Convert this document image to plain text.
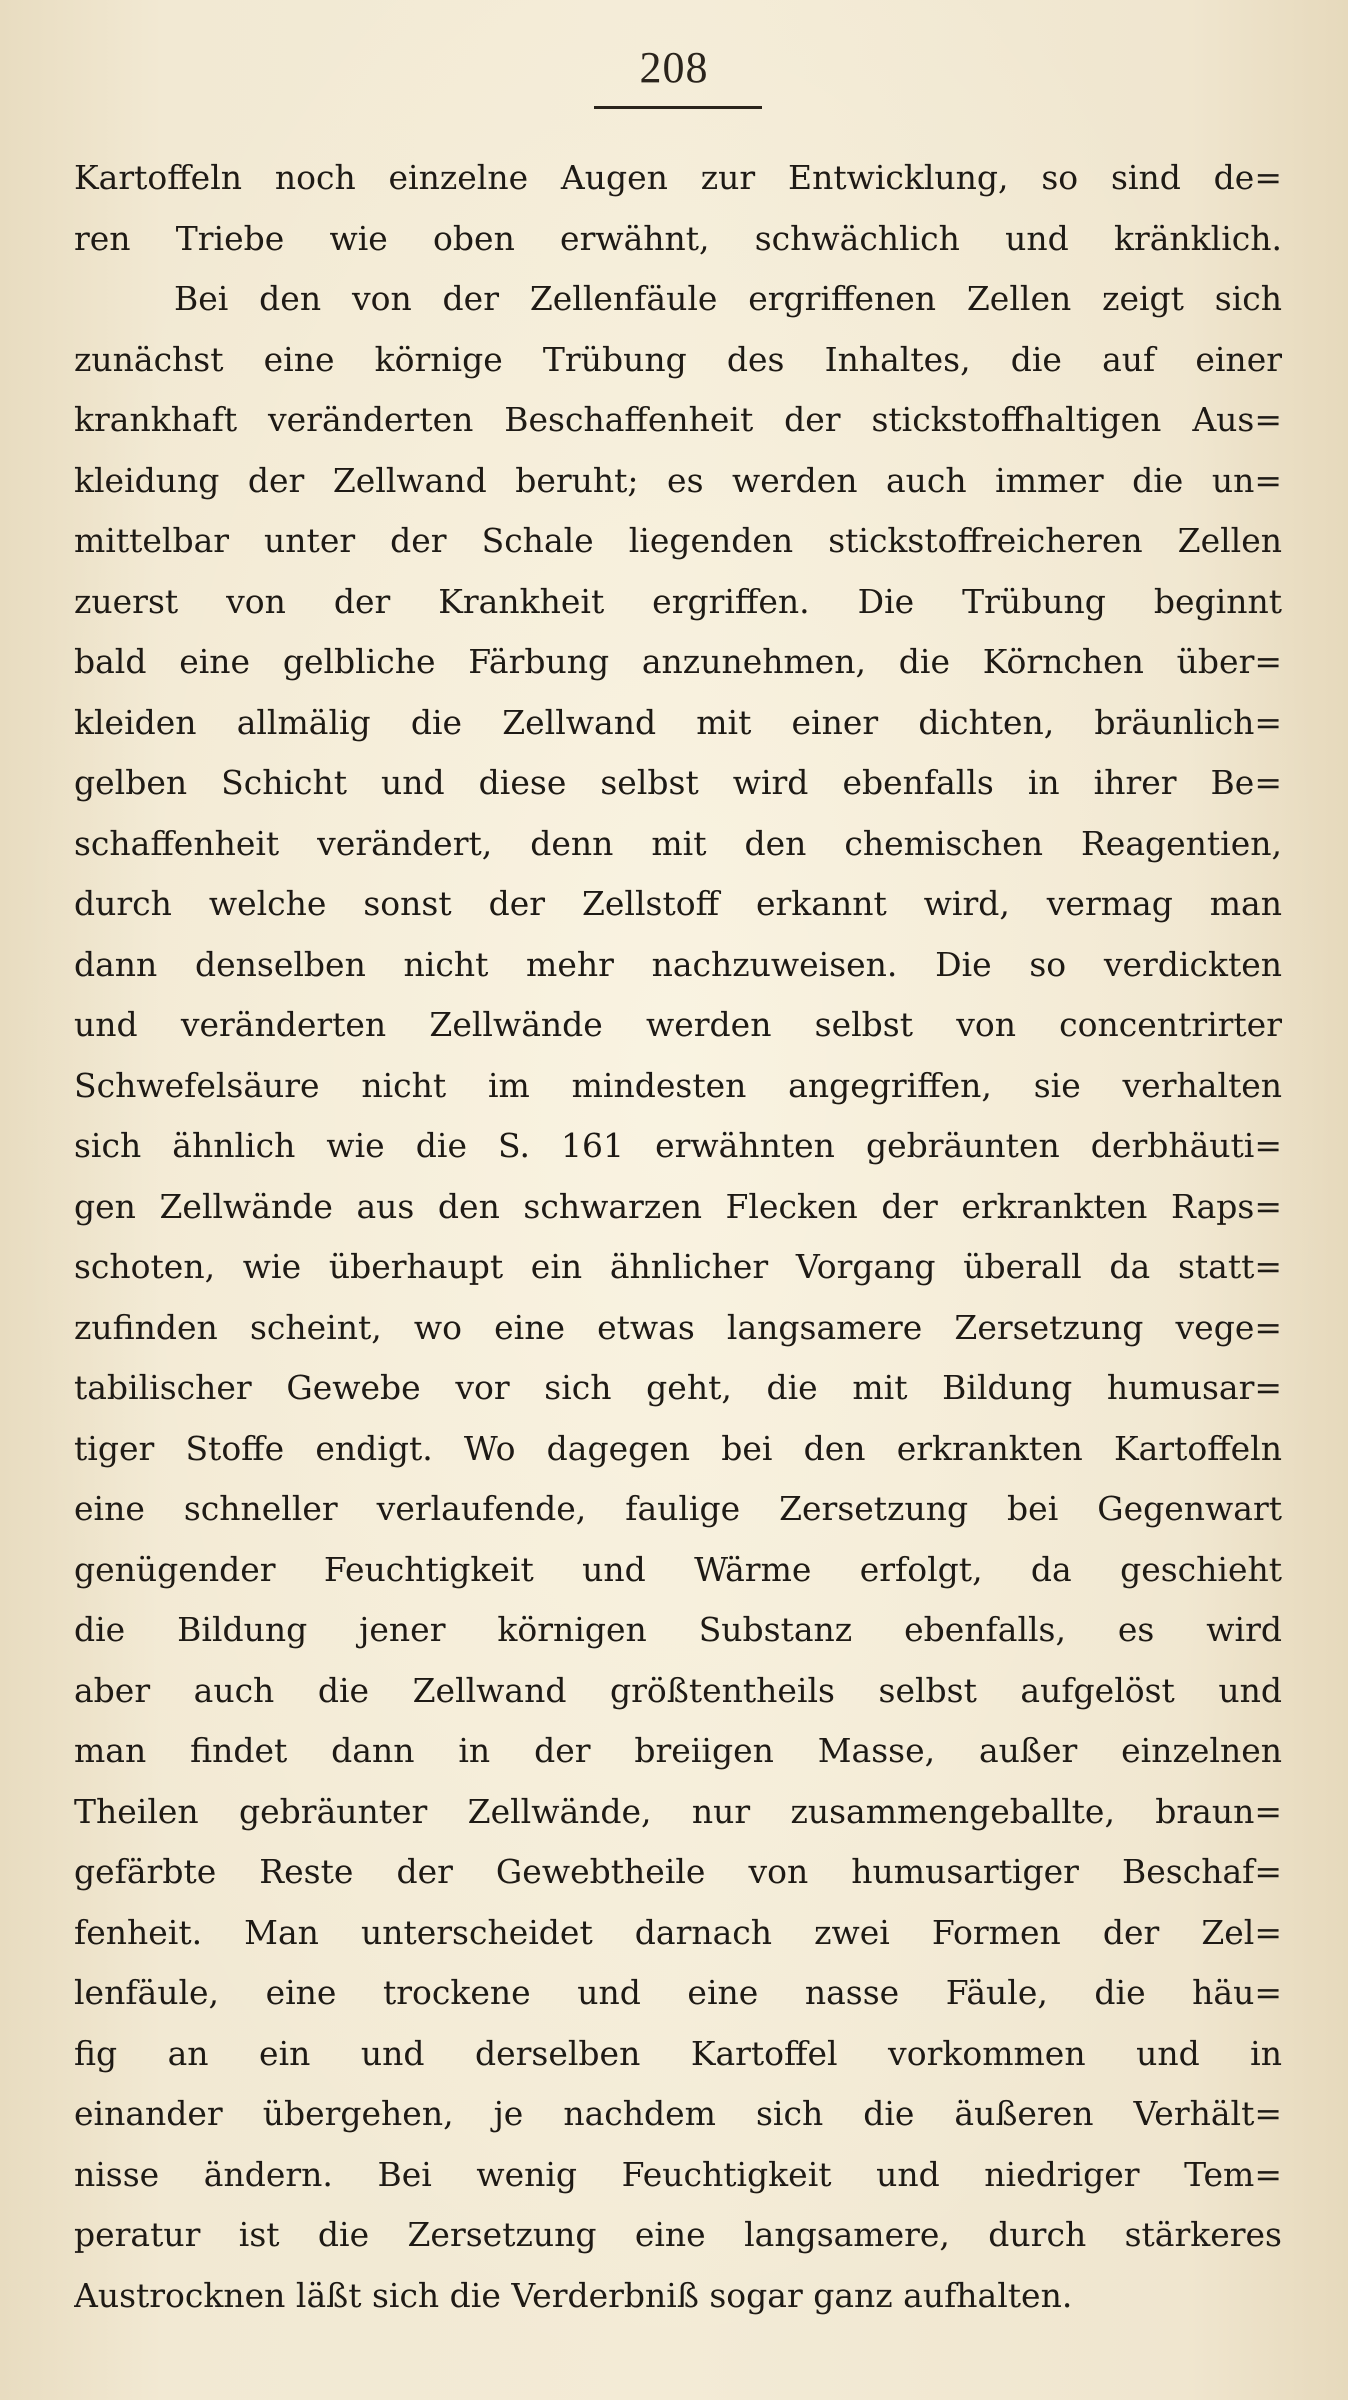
208
Kartoffeln noch einzelne Augen zur Entwicklung, so sind de=
ren Triebe wie oben erwähnt, schwächlich und kränklich.
Bei den von der Zellenfäule ergriffenen Zellen zeigt sich
zunächst eine körnige Trübung des Inhaltes, die auf einer
krankhaft veränderten Beschaffenheit der stickstoffhaltigen Aus=
kleidung der Zellwand beruht; es werden auch immer die un=
mittelbar unter der Schale liegenden stickstoffreicheren Zellen
zuerst von der Krankheit ergriffen. Die Trübung beginnt
bald eine gelbliche Färbung anzunehmen, die Körnchen über=
kleiden allmälig die Zellwand mit einer dichten, bräunlich=
gelben Schicht und diese selbst wird ebenfalls in ihrer Be=
schaffenheit verändert, denn mit den chemischen Reagentien,
durch welche sonst der Zellstoff erkannt wird, vermag man
dann denselben nicht mehr nachzuweisen. Die so verdickten
und veränderten Zellwände werden selbst von concentrirter
Schwefelsäure nicht im mindesten angegriffen, sie verhalten
sich ähnlich wie die S. 161 erwähnten gebräunten derbhäuti=
gen Zellwände aus den schwarzen Flecken der erkrankten Raps=
schoten, wie überhaupt ein ähnlicher Vorgang überall da statt=
zufinden scheint, wo eine etwas langsamere Zersetzung vege=
tabilischer Gewebe vor sich geht, die mit Bildung humusar=
tiger Stoffe endigt. Wo dagegen bei den erkrankten Kartoffeln
eine schneller verlaufende, faulige Zersetzung bei Gegenwart
genügender Feuchtigkeit und Wärme erfolgt, da geschieht
die Bildung jener körnigen Substanz ebenfalls, es wird
aber auch die Zellwand größtentheils selbst aufgelöst und
man findet dann in der breiigen Masse, außer einzelnen
Theilen gebräunter Zellwände, nur zusammengeballte, braun=
gefärbte Reste der Gewebtheile von humusartiger Beschaf=
fenheit. Man unterscheidet darnach zwei Formen der Zel=
lenfäule, eine trockene und eine nasse Fäule, die häu=
fig an ein und derselben Kartoffel vorkommen und in
einander übergehen, je nachdem sich die äußeren Verhält=
nisse ändern. Bei wenig Feuchtigkeit und niedriger Tem=
peratur ist die Zersetzung eine langsamere, durch stärkeres
Austrocknen läßt sich die Verderbniß sogar ganz aufhalten.
